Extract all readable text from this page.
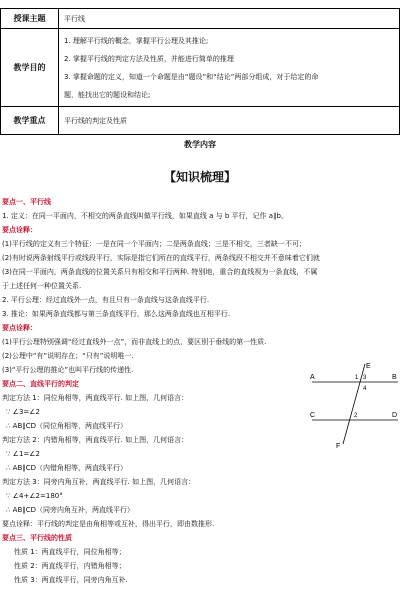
授课主题	平行线
教学目的	1. 理解平行线的概念，掌握平行公理及其推论;
2. 掌握平行线的判定方法及性质，并能进行简单的推理
3. 掌握命题的定义，知道一个命题是由“题设”和“结论”两部分组成，对于给定的命
题，能找出它的题设和结论;

教学重点	平行线的判定及性质
教学内容
【知识梳理】
要点一、平行线
1. 定义：在同一平面内，不相交的两条直线叫做平行线，如果直线 a 与 b 平行，记作 a∥b。
要点诠释：
(1)平行线的定义有三个特征：一是在同一个平面内；二是两条直线；三是不相交，三者缺一不可；
(2)有时说两条射线平行或线段平行，实际是指它们所在的直线平行，两条线段不相交并不意味着它们就
(3)在同一平面内，两条直线的位置关系只有相交和平行两种. 特别地，重合的直线视为一条直线，不属
于上述任何一种位置关系.
2. 平行公理：经过直线外一点，有且只有一条直线与这条直线平行.
3. 推论：如果两条直线都与第三条直线平行，那么这两条直线也互相平行.
要点诠释：
(1)平行公理特别强调“经过直线外一点”，而非直线上的点，要区别于垂线的第一性质.
(2)公理中“有”说明存在；“只有”说明唯一.
(3)“平行公理的推论”也叫平行线的传递性.
要点二、直线平行的判定
判定方法 1：同位角相等，两直线平行. 如上图，几何语言：
∵ ∠3=∠2
∴ AB∥CD（同位角相等，两直线平行）
判定方法 2：内错角相等，两直线平行. 如上图，几何语言：
∵ ∠1=∠2
∴ AB∥CD（内错角相等，两直线平行）
判定方法 3：同旁内角互补，两直线平行. 如上图，几何语言：
∵ ∠4+∠2=180°
∴ AB∥CD（同旁内角互补，两直线平行）
要点诠释：平行线的判定是由角相等或互补，得出平行，即由数推形.
要点三、平行线的性质
性质 1：两直线平行，同位角相等；
性质 2：两直线平行，内错角相等；
性质 3：两直线平行，同旁内角互补.
A	B
C	D
E
F
1
2
3
4
